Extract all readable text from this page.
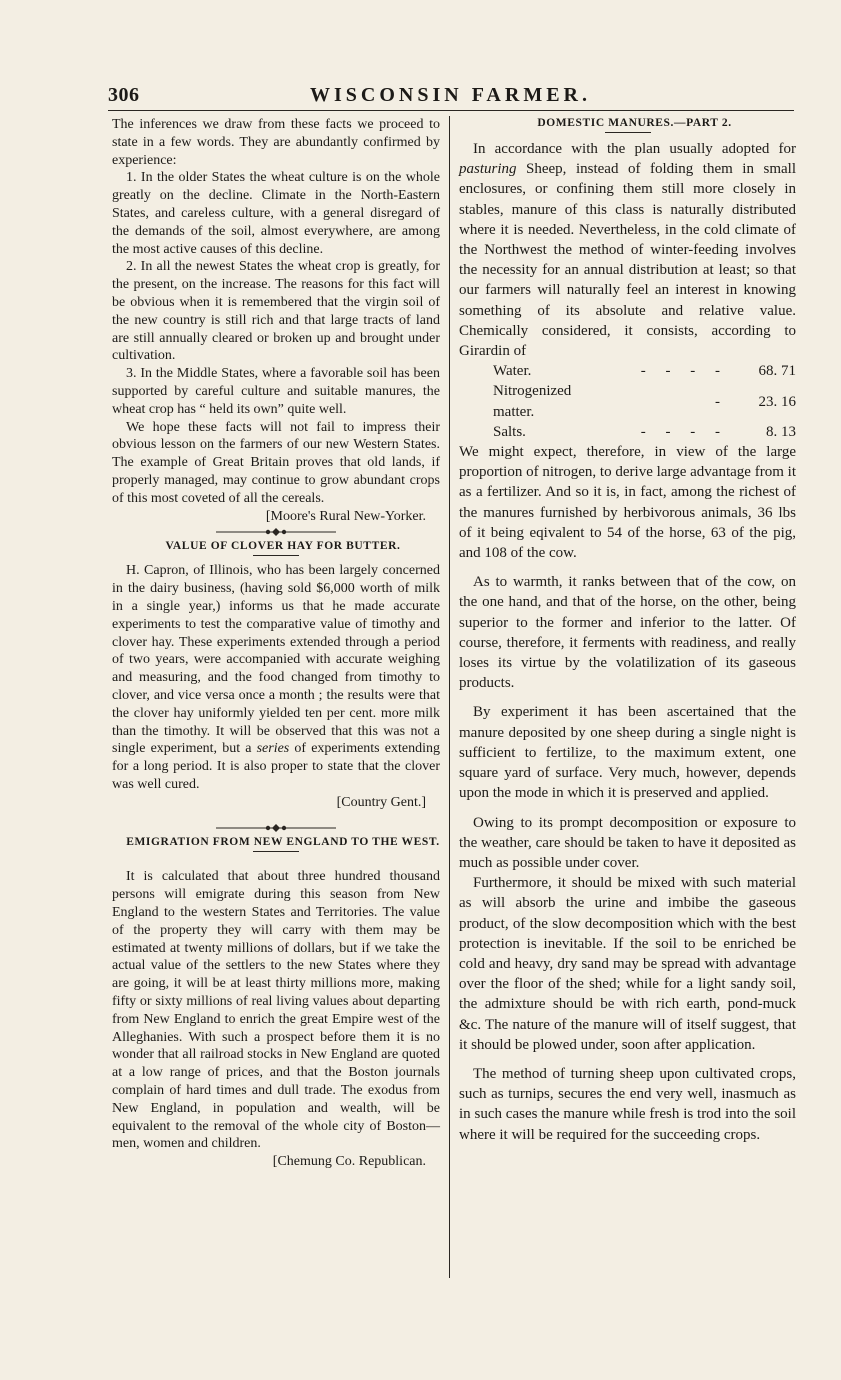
306	WISCONSIN FARMER.

The inferences we draw from these facts we proceed to state in a few words. They are abundantly confirmed by experience:

1. In the older States the wheat culture is on the whole greatly on the decline. Climate in the North-Eastern States, and careless culture, with a general disregard of the demands of the soil, almost everywhere, are among the most active causes of this decline.

2. In all the newest States the wheat crop is greatly, for the present, on the increase. The reasons for this fact will be obvious when it is remembered that the virgin soil of the new country is still rich and that large tracts of land are still annually cleared or broken up and brought under cultivation.

3. In the Middle States, where a favorable soil has been supported by careful culture and suitable manures, the wheat crop has “ held its own” quite well.

We hope these facts will not fail to impress their obvious lesson on the farmers of our new Western States. The example of Great Britain proves that old lands, if properly managed, may continue to grow abundant crops of this most coveted of all the cereals.

[Moore's Rural New-Yorker.

VALUE OF CLOVER HAY FOR BUTTER.

H. Capron, of Illinois, who has been largely concerned in the dairy business, (having sold $6,000 worth of milk in a single year,) informs us that he made accurate experiments to test the comparative value of timothy and clover hay. These experiments extended through a period of two years, were accompanied with accurate weighing and measuring, and the food changed from timothy to clover, and vice versa once a month ; the results were that the clover hay uniformly yielded ten per cent. more milk than the timothy. It will be observed that this was not a single experiment, but a series of experiments extending for a long period. It is also proper to state that the clover was well cured.

[Country Gent.]

EMIGRATION FROM NEW ENGLAND TO THE WEST.

It is calculated that about three hundred thousand persons will emigrate during this season from New England to the western States and Territories. The value of the property they will carry with them may be estimated at twenty millions of dollars, but if we take the actual value of the settlers to the new States where they are going, it will be at least thirty millions more, making fifty or sixty millions of real living values about departing from New England to enrich the great Empire west of the Alleghanies. With such a prospect before them it is no wonder that all railroad stocks in New England are quoted at a low range of prices, and that the Boston journals complain of hard times and dull trade. The exodus from New England, in population and wealth, will be equivalent to the removal of the whole city of Boston—men, women and children.

[Chemung Co. Republican.

DOMESTIC MANURES.—PART 2.

In accordance with the plan usually adopted for pasturing Sheep, instead of folding them in small enclosures, or confining them still more closely in stables, manure of this class is naturally distributed where it is needed. Nevertheless, in the cold climate of the Northwest the method of winter-feeding involves the necessity for an annual distribution at least; so that our farmers will naturally feel an interest in knowing something of its absolute and relative value. Chemically considered, it consists, according to Girardin of

Water.	- - - -	68. 71
Nitrogenized matter.	-	23. 16
Salts.	- - - -	8. 13

We might expect, therefore, in view of the large proportion of nitrogen, to derive large advantage from it as a fertilizer. And so it is, in fact, among the richest of the manures furnished by herbivorous animals, 36 lbs of it being eqivalent to 54 of the horse, 63 of the pig, and 108 of the cow.

As to warmth, it ranks between that of the cow, on the one hand, and that of the horse, on the other, being superior to the former and inferior to the latter. Of course, therefore, it ferments with readiness, and really loses its virtue by the volatilization of its gaseous products.

By experiment it has been ascertained that the manure deposited by one sheep during a single night is sufficient to fertilize, to the maximum extent, one square yard of surface. Very much, however, depends upon the mode in which it is preserved and applied.

Owing to its prompt decomposition or exposure to the weather, care should be taken to have it deposited as much as possible under cover.

Furthermore, it should be mixed with such material as will absorb the urine and imbibe the gaseous product, of the slow decomposition which with the best protection is inevitable. If the soil to be enriched be cold and heavy, dry sand may be spread with advantage over the floor of the shed; while for a light sandy soil, the admixture should be with rich earth, pond-muck &c. The nature of the manure will of itself suggest, that it should be plowed under, soon after application.

The method of turning sheep upon cultivated crops, such as turnips, secures the end very well, inasmuch as in such cases the manure while fresh is trod into the soil where it will be required for the succeeding crops.
